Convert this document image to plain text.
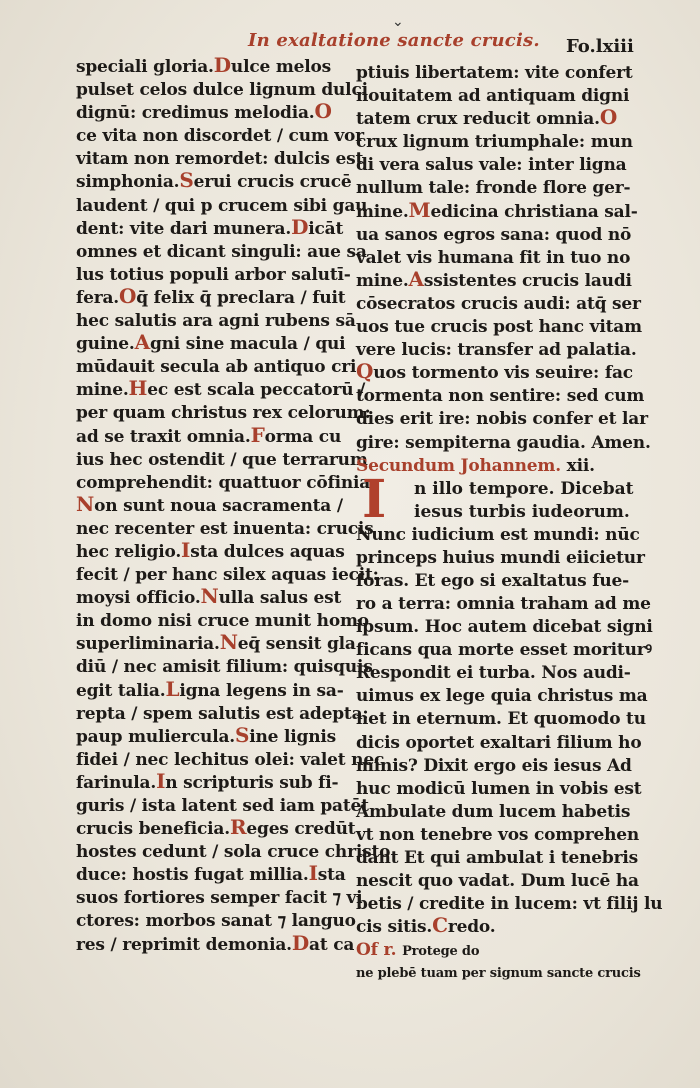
⌄
In exaltatione sancte crucis. Fo.lxiii
speciali gloria.Dulce melos
pulset celos dulce lignum dulci
dignū: credimus melodia.O
ce vita non discordet / cum vor
vitam non remordet: dulcis est
simphonia.Serui crucis crucē
laudent / qui p crucem sibi gau
dent: vite dari munera.Dicāt
omnes et dicant singuli: aue sa
lus totius populi arbor salutī-
fera.Oq̄ felix q̄ preclara / fuit
hec salutis ara agni rubens sā
guine.Agni sine macula / qui
mūdauit secula ab antiquo cri
mine.Hec est scala peccatorū /
per quam christus rex celorum:
ad se traxit omnia.Forma cu
ius hec ostendit / que terrarum
comprehendit: quattuor cōfinia
Non sunt noua sacramenta /
nec recenter est inuenta: crucis
hec religio.Ista dulces aquas
fecit / per hanc silex aquas iecit:
moysi officio.Nulla salus est
in domo nisi cruce munit homo
superliminaria.Neq̄ sensit gla
diū / nec amisit filium: quisquis
egit talia.Ligna legens in sa-
repta / spem salutis est adepta:
paup muliercula.Sine lignis
fidei / nec lechitus olei: valet nec
farinula.In scripturis sub fi-
guris / ista latent sed iam patēt
crucis beneficia.Reges credūt
hostes cedunt / sola cruce christo
duce: hostis fugat millia.Ista
suos fortiores semper facit ⁊ vi
ctores: morbos sanat ⁊ languo
res / reprimit demonia.Dat ca
ptiuis libertatem: vite confert
nouitatem ad antiquam digni
tatem crux reducit omnia.O
crux lignum triumphale: mun
di vera salus vale: inter ligna
nullum tale: fronde flore ger-
mine.Medicina christiana sal-
ua sanos egros sana: quod nō
valet vis humana fit in tuo no
mine.Assistentes crucis laudi
cōsecratos crucis audi: atq̄ ser
uos tue crucis post hanc vitam
vere lucis: transfer ad palatia.
Quos tormento vis seuire: fac
tormenta non sentire: sed cum
dies erit ire: nobis confer et lar
gire: sempiterna gaudia. Amen.
Secundum Johannem. xii.
I n illo tempore. Dicebat
iesus turbis iudeorum.
Nunc iudicium est mundi: nūc
princeps huius mundi eiicietur
foras. Et ego si exaltatus fue-
ro a terra: omnia traham ad me
ipsum. Hoc autem dicebat signi
ficans qua morte esset moriturꝰ
Respondit ei turba. Nos audi-
uimus ex lege quia christus ma
net in eternum. Et quomodo tu
dicis oportet exaltari filium ho
minis? Dixit ergo eis iesus Ad
huc modicū lumen in vobis est
Ambulate dum lucem habetis
vt non tenebre vos comprehen
dant Et qui ambulat i tenebris
nescit quo vadat. Dum lucē ha
betis / credite in lucem: vt filij lu
cis sitis.Credo.
Of r. Protege do
ne plebē tuam per signum sancte crucis
